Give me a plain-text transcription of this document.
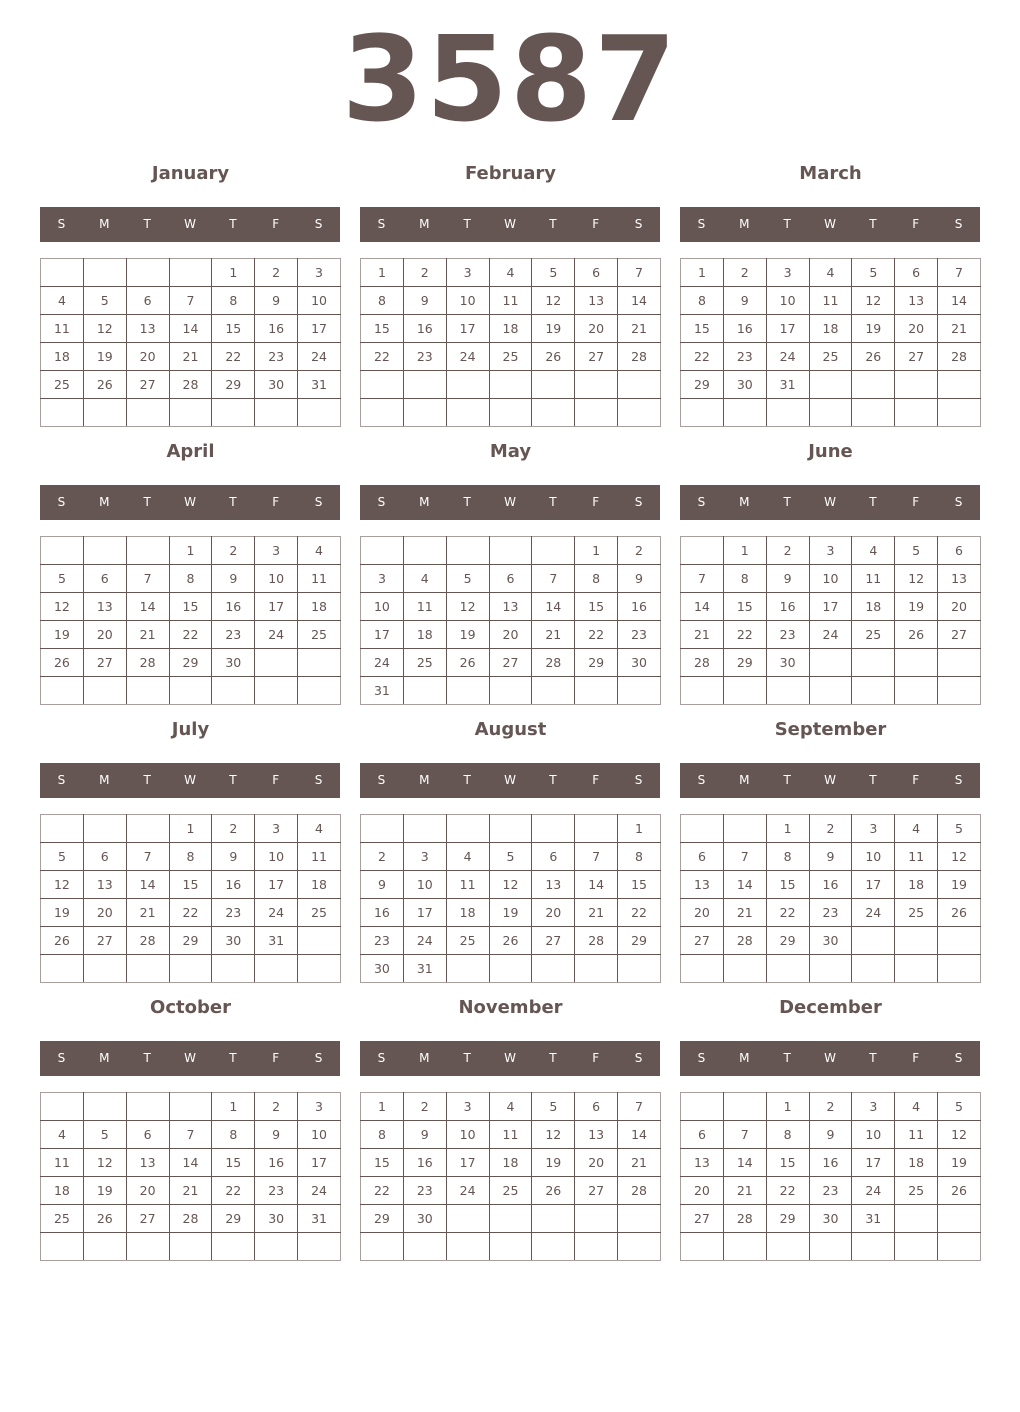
3587
January
S	M	T	W	T	F	S
				1	2	3
4	5	6	7	8	9	10
11	12	13	14	15	16	17
18	19	20	21	22	23	24
25	26	27	28	29	30	31

February
S	M	T	W	T	F	S
1	2	3	4	5	6	7
8	9	10	11	12	13	14
15	16	17	18	19	20	21
22	23	24	25	26	27	28

March
S	M	T	W	T	F	S
1	2	3	4	5	6	7
8	9	10	11	12	13	14
15	16	17	18	19	20	21
22	23	24	25	26	27	28
29	30	31				

April
S	M	T	W	T	F	S
			1	2	3	4
5	6	7	8	9	10	11
12	13	14	15	16	17	18
19	20	21	22	23	24	25
26	27	28	29	30		

May
S	M	T	W	T	F	S
					1	2
3	4	5	6	7	8	9
10	11	12	13	14	15	16
17	18	19	20	21	22	23
24	25	26	27	28	29	30
31						
June
S	M	T	W	T	F	S
	1	2	3	4	5	6
7	8	9	10	11	12	13
14	15	16	17	18	19	20
21	22	23	24	25	26	27
28	29	30				

July
S	M	T	W	T	F	S
			1	2	3	4
5	6	7	8	9	10	11
12	13	14	15	16	17	18
19	20	21	22	23	24	25
26	27	28	29	30	31	

August
S	M	T	W	T	F	S
						1
2	3	4	5	6	7	8
9	10	11	12	13	14	15
16	17	18	19	20	21	22
23	24	25	26	27	28	29
30	31					
September
S	M	T	W	T	F	S
		1	2	3	4	5
6	7	8	9	10	11	12
13	14	15	16	17	18	19
20	21	22	23	24	25	26
27	28	29	30			

October
S	M	T	W	T	F	S
				1	2	3
4	5	6	7	8	9	10
11	12	13	14	15	16	17
18	19	20	21	22	23	24
25	26	27	28	29	30	31

November
S	M	T	W	T	F	S
1	2	3	4	5	6	7
8	9	10	11	12	13	14
15	16	17	18	19	20	21
22	23	24	25	26	27	28
29	30					

December
S	M	T	W	T	F	S
		1	2	3	4	5
6	7	8	9	10	11	12
13	14	15	16	17	18	19
20	21	22	23	24	25	26
27	28	29	30	31		
